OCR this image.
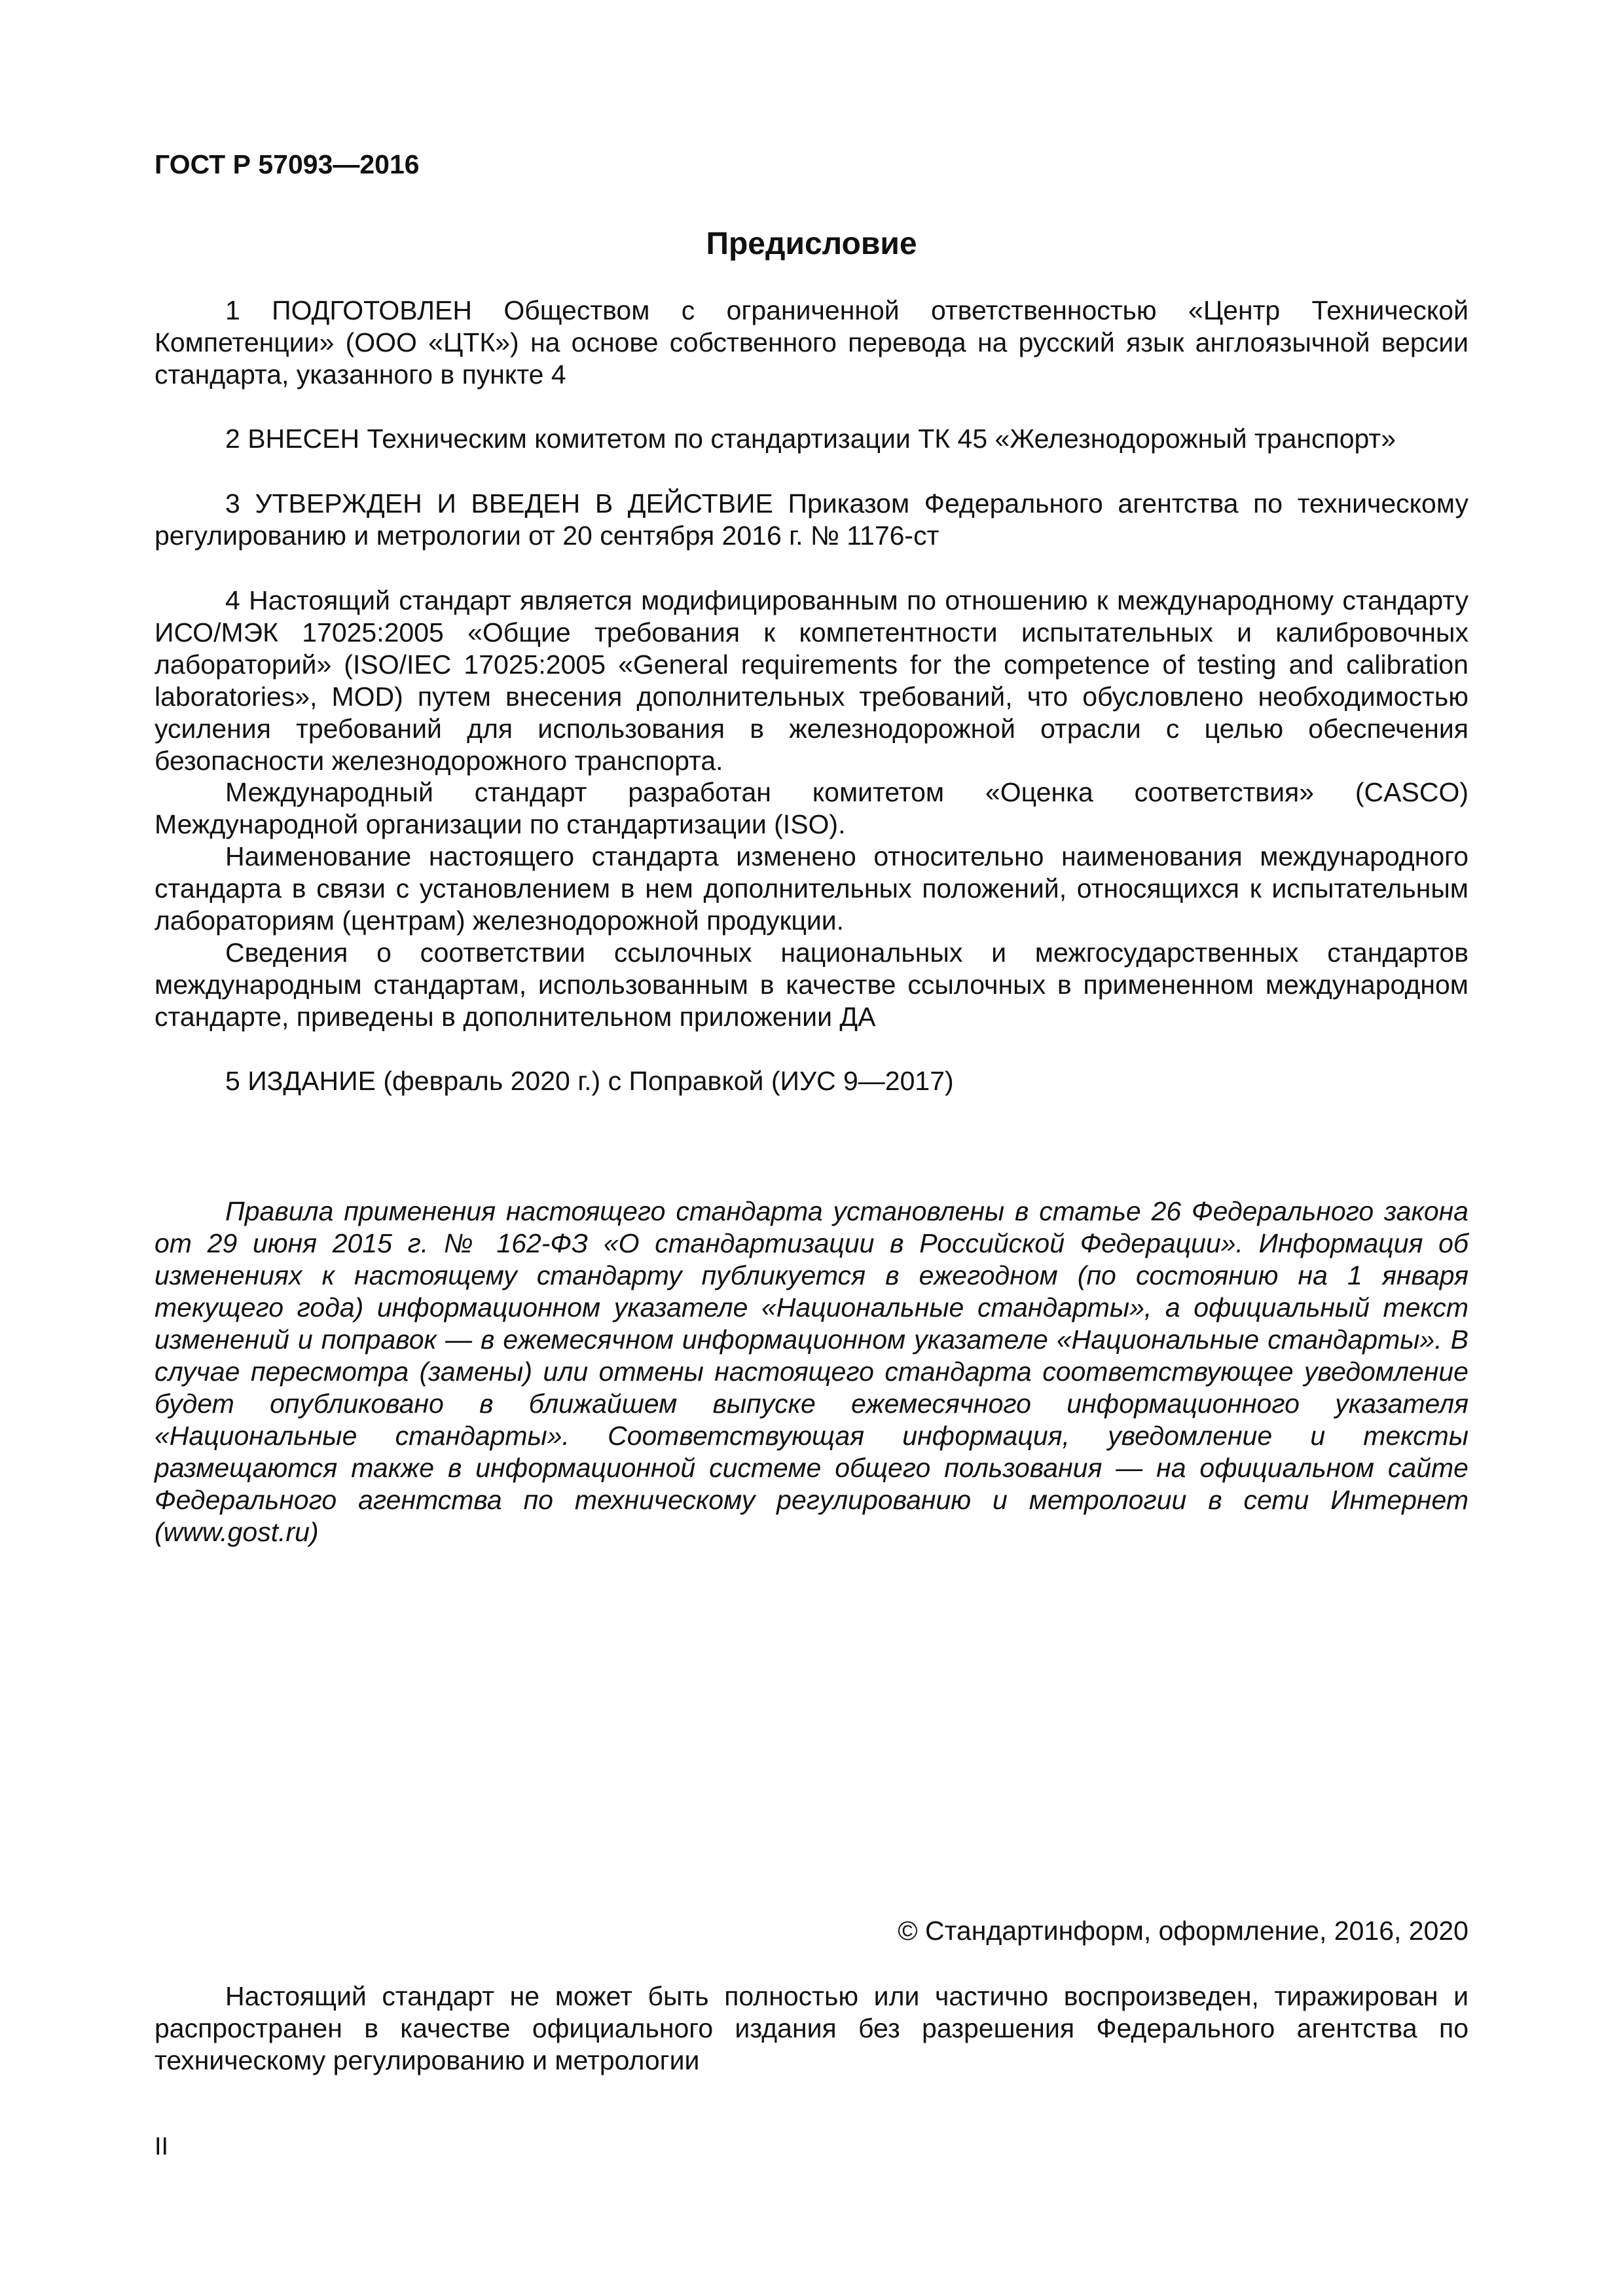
ГОСТ Р 57093—2016

Предисловие

1 ПОДГОТОВЛЕН Обществом с ограниченной ответственностью «Центр Технической Компетенции» (ООО «ЦТК») на основе собственного перевода на русский язык англоязычной версии стандарта, указанного в пункте 4

2 ВНЕСЕН Техническим комитетом по стандартизации ТК 45 «Железнодорожный транспорт»

3 УТВЕРЖДЕН И ВВЕДЕН В ДЕЙСТВИЕ Приказом Федерального агентства по техническому регулированию и метрологии от 20 сентября 2016 г. № 1176-ст

4 Настоящий стандарт является модифицированным по отношению к международному стандарту ИСО/МЭК 17025:2005 «Общие требования к компетентности испытательных и калибровочных лабораторий» (ISO/IEC 17025:2005 «General requirements for the competence of testing and calibration laboratories», MOD) путем внесения дополнительных требований, что обусловлено необходимостью усиления требований для использования в железнодорожной отрасли с целью обеспечения безопасности железнодорожного транспорта.

Международный стандарт разработан комитетом «Оценка соответствия» (CASCO) Международной организации по стандартизации (ISO).

Наименование настоящего стандарта изменено относительно наименования международного стандарта в связи с установлением в нем дополнительных положений, относящихся к испытательным лабораториям (центрам) железнодорожной продукции.

Сведения о соответствии ссылочных национальных и межгосударственных стандартов международным стандартам, использованным в качестве ссылочных в примененном международном стандарте, приведены в дополнительном приложении ДА

5 ИЗДАНИЕ (февраль 2020 г.) с Поправкой (ИУС 9—2017)

Правила применения настоящего стандарта установлены в статье 26 Федерального закона от 29 июня 2015 г. № 162-ФЗ «О стандартизации в Российской Федерации». Информация об изменениях к настоящему стандарту публикуется в ежегодном (по состоянию на 1 января текущего года) информационном указателе «Национальные стандарты», а официальный текст изменений и поправок — в ежемесячном информационном указателе «Национальные стандарты». В случае пересмотра (замены) или отмены настоящего стандарта соответствующее уведомление будет опубликовано в ближайшем выпуске ежемесячного информационного указателя «Национальные стандарты». Соответствующая информация, уведомление и тексты размещаются также в информационной системе общего пользования — на официальном сайте Федерального агентства по техническому регулированию и метрологии в сети Интернет (www.gost.ru)

© Стандартинформ, оформление, 2016, 2020

Настоящий стандарт не может быть полностью или частично воспроизведен, тиражирован и распространен в качестве официального издания без разрешения Федерального агентства по техническому регулированию и метрологии

II
